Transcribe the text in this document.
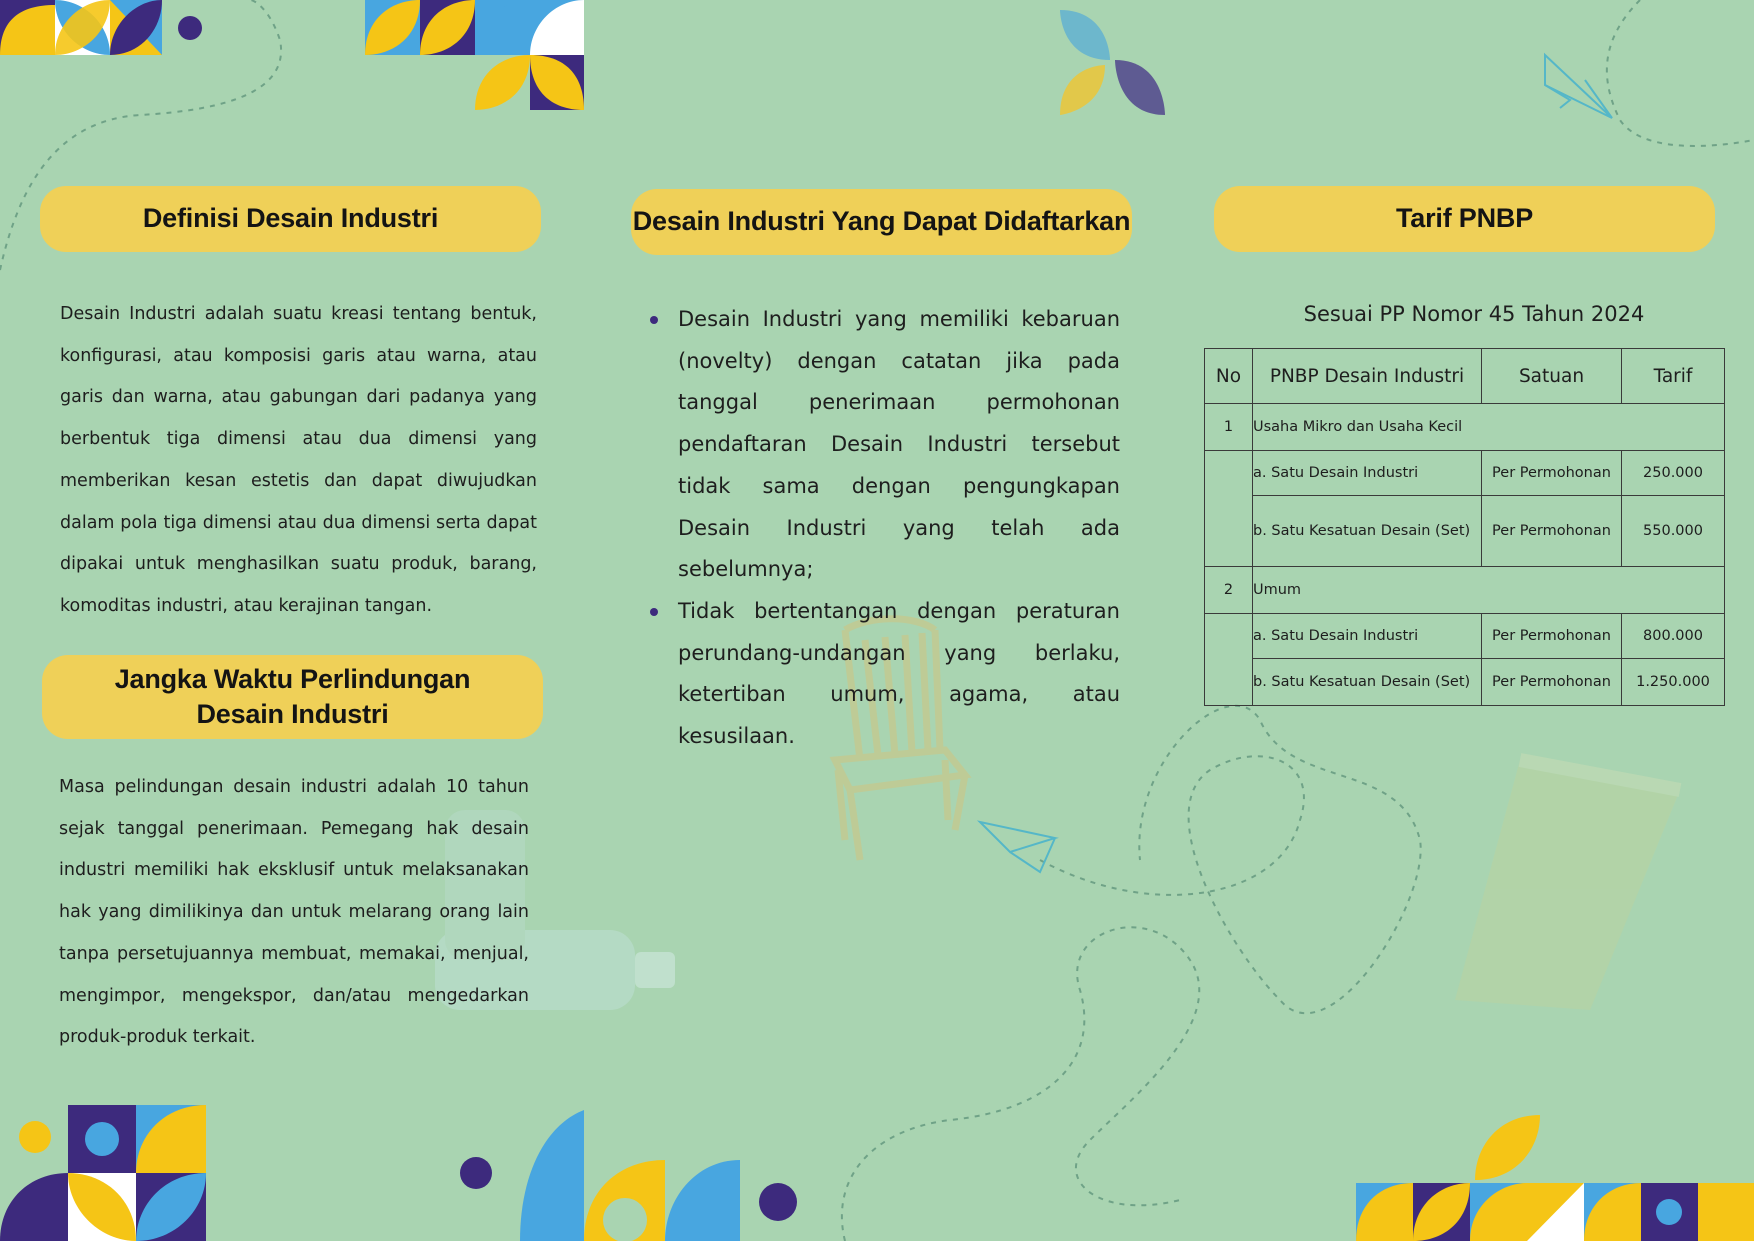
Definisi Desain Industri
Desain Industri adalah suatu kreasi tentang bentuk, konfigurasi, atau komposisi garis atau warna, atau garis dan warna, atau gabungan dari padanya yang berbentuk tiga dimensi atau dua dimensi yang memberikan kesan estetis dan dapat diwujudkan dalam pola tiga dimensi atau dua dimensi serta dapat dipakai untuk menghasilkan suatu produk, barang, komoditas industri, atau kerajinan tangan.
Jangka Waktu Perlindungan
Desain Industri
Masa pelindungan desain industri adalah 10 tahun sejak tanggal penerimaan. Pemegang hak desain industri memiliki hak eksklusif untuk melaksanakan hak yang dimilikinya dan untuk melarang orang lain tanpa persetujuannya membuat, memakai, menjual, mengimpor, mengekspor, dan/atau mengedarkan produk-produk terkait.
Desain Industri Yang Dapat Didaftarkan
Desain Industri yang memiliki kebaruan (novelty) dengan catatan jika pada tanggal penerimaan permohonan pendaftaran Desain Industri tersebut tidak sama dengan pengungkapan Desain Industri yang telah ada sebelumnya;
Tidak bertentangan dengan peraturan perundang-undangan yang berlaku, ketertiban umum, agama, atau kesusilaan.
Tarif PNBP
Sesuai PP Nomor 45 Tahun 2024
No	PNBP Desain Industri	Satuan	Tarif
1	Usaha Mikro dan Usaha Kecil		
	a. Satu Desain Industri	Per Permohonan	250.000
	b. Satu Kesatuan Desain (Set)	Per Permohonan	550.000
2	Umum		
	a. Satu Desain Industri	Per Permohonan	800.000
	b. Satu Kesatuan Desain (Set)	Per Permohonan	1.250.000
